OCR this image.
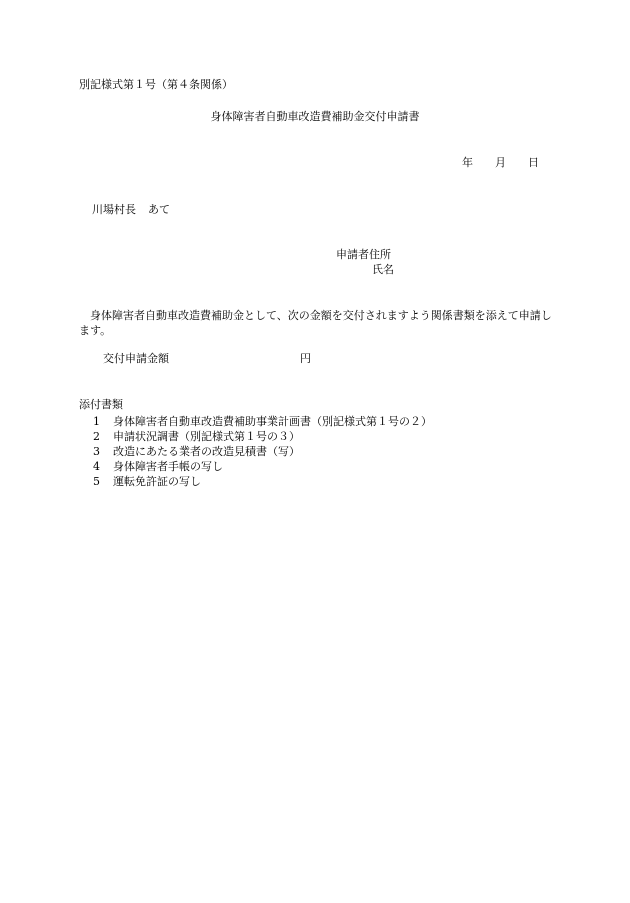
別記様式第１号（第４条関係）
身体障害者自動車改造費補助金交付申請書
年 月 日
川場村長 あて
申請者住所
氏名
身体障害者自動車改造費補助金として、次の金額を交付されますよう関係書類を添えて申請します。
交付申請金額	円
添付書類
1 身体障害者自動車改造費補助事業計画書（別記様式第１号の２）
2 申請状況調書（別記様式第１号の３）
3 改造にあたる業者の改造見積書（写）
4 身体障害者手帳の写し
5 運転免許証の写し
